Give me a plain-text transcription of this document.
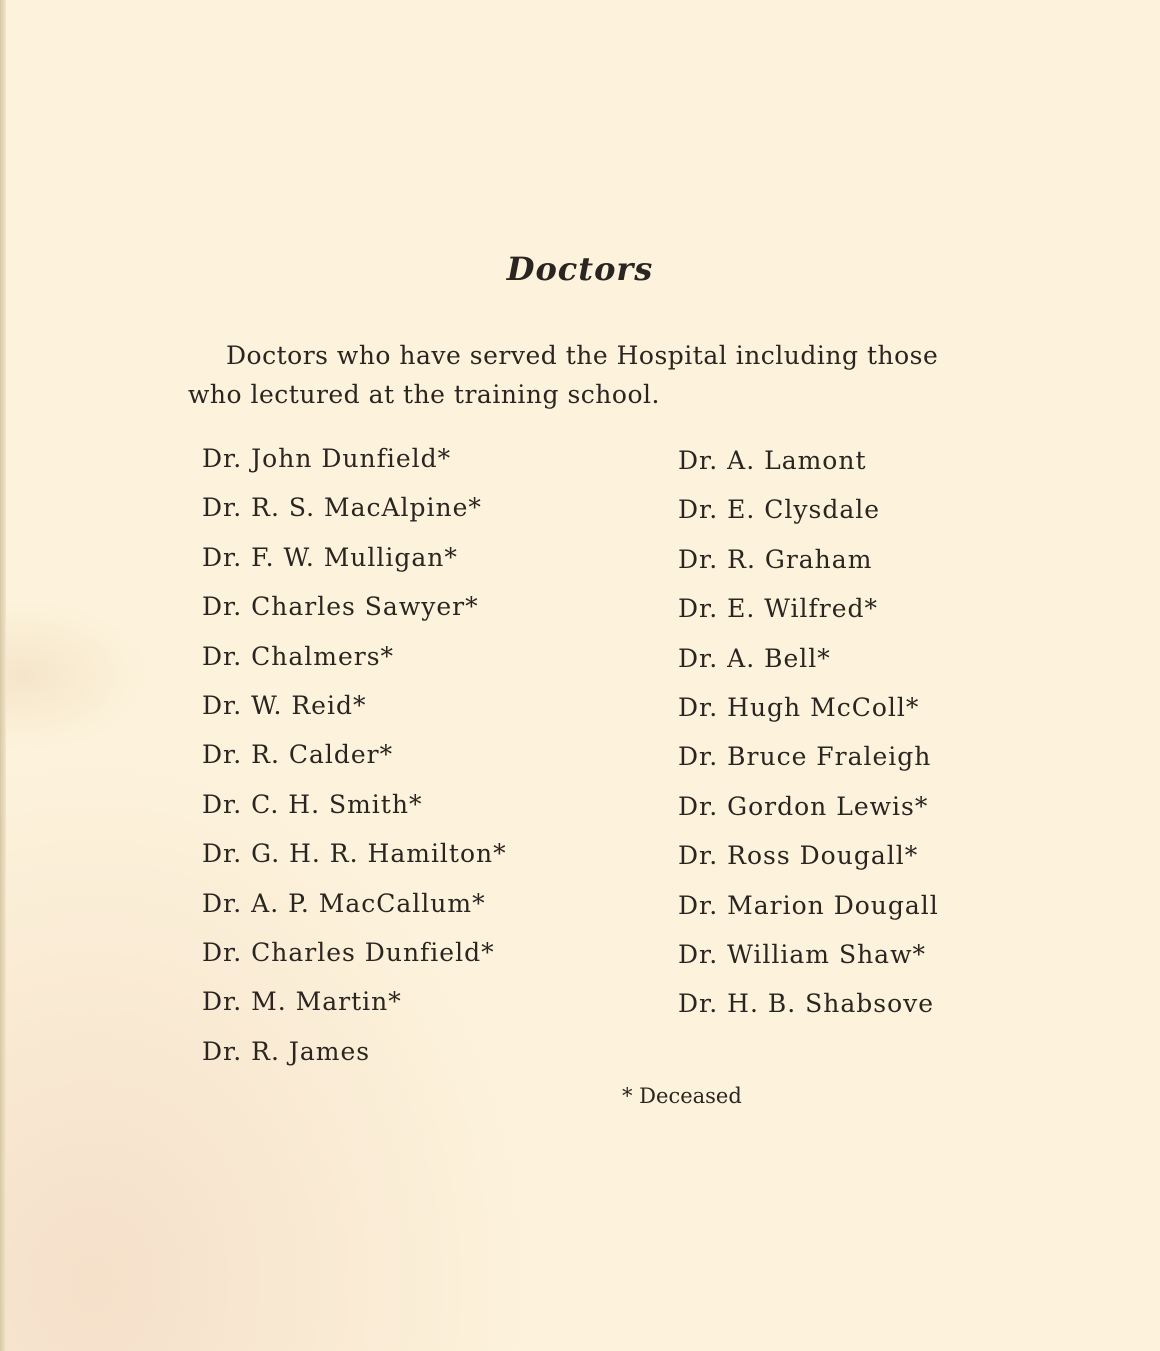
Doctors

Doctors who have served the Hospital including those who lectured at the training school.

Dr. John Dunfield*
Dr. R. S. MacAlpine*
Dr. F. W. Mulligan*
Dr. Charles Sawyer*
Dr. Chalmers*
Dr. W. Reid*
Dr. R. Calder*
Dr. C. H. Smith*
Dr. G. H. R. Hamilton*
Dr. A. P. MacCallum*
Dr. Charles Dunfield*
Dr. M. Martin*
Dr. R. James
Dr. A. Lamont
Dr. E. Clysdale
Dr. R. Graham
Dr. E. Wilfred*
Dr. A. Bell*
Dr. Hugh McColl*
Dr. Bruce Fraleigh
Dr. Gordon Lewis*
Dr. Ross Dougall*
Dr. Marion Dougall
Dr. William Shaw*
Dr. H. B. Shabsove

* Deceased
